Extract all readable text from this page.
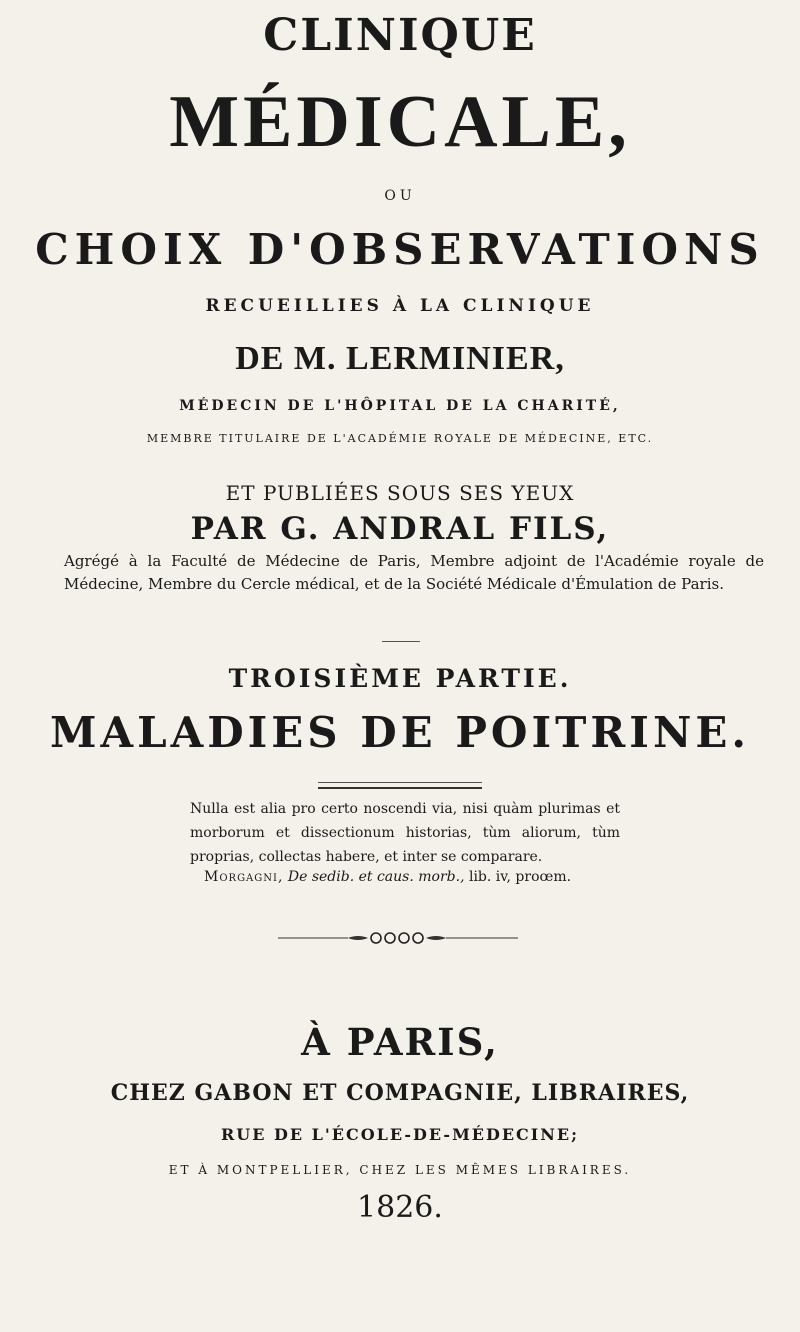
CLINIQUE
MÉDICALE,
OU
CHOIX D'OBSERVATIONS
RECUEILLIES À LA CLINIQUE
DE M. LERMINIER,
MÉDECIN DE L'HÔPITAL DE LA CHARITÉ,
MEMBRE TITULAIRE DE L'ACADÉMIE ROYALE DE MÉDECINE, ETC.
ET PUBLIÉES SOUS SES YEUX
PAR G. ANDRAL FILS,
Agrégé à la Faculté de Médecine de Paris, Membre adjoint de l'Académie royale de Médecine, Membre du Cercle médical, et de la Société Médicale d'Émulation de Paris.
TROISIÈME PARTIE.
MALADIES DE POITRINE.
Nulla est alia pro certo noscendi via, nisi quàm plurimas et morborum et dissectionum historias, tùm aliorum, tùm proprias, collectas habere, et inter se comparare.
Morgagni, De sedib. et caus. morb., lib. iv, proœm.
À PARIS,
CHEZ GABON ET COMPAGNIE, LIBRAIRES,
RUE DE L'ÉCOLE-DE-MÉDECINE;
ET À MONTPELLIER, CHEZ LES MÊMES LIBRAIRES.
1826.
